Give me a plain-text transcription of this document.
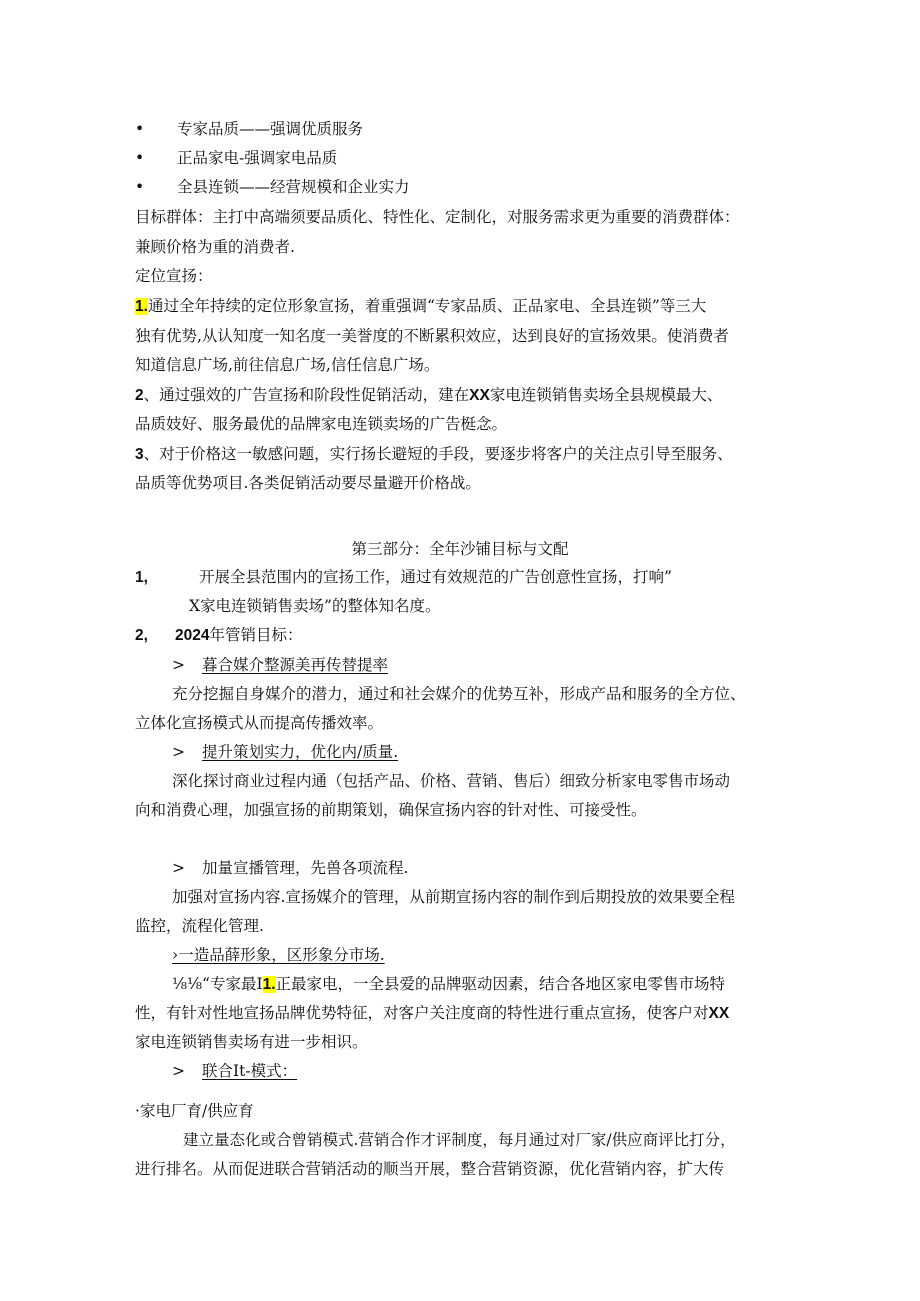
• 专家品质——强调优质服务
• 正品家电-强调家电品质
• 全县连锁——经营规模和企业实力
目标群体：主打中高端须要品质化、特性化、定制化，对服务需求更为重要的消费群体：
兼顾价格为重的消费者.
定位宣扬：
1.通过全年持续的定位形象宣扬，着重强调“专家品质、正品家电、全县连锁”等三大
独有优势,从认知度一知名度一美誉度的不断累积效应，达到良好的宣扬效果。使消费者
知道信息广场,前往信息广场,信任信息广场。
2、通过强效的广告宣扬和阶段性促销活动，建在XX家电连锁销售卖场全县规模最大、
品质妓好、服务最优的品牌家电连锁卖场的广告梃念。
3、对于价格这一敏感问题，实行扬长避短的手段，要逐步将客户的关注点引导至服务、
品质等优势项目.各类促销活动要尽量避开价格战。
第三部分：全年沙铺目标与文配
1,	开展全县范围内的宣扬工作，通过有效规范的广告创意性宣扬，打响”
X家电连锁销售卖场”的整体知名度。
2, 2024年管销目标：
> 暮合媒介整源美再传替提率
充分挖掘自身媒介的潜力，通过和社会媒介的优势互补，形成产品和服务的全方位、
立体化宣扬模式从而提高传播效率。
> 提升策划实力，优化内/质量.
深化探讨商业过程内通（包括产品、价格、营销、售后）细致分析家电零售市场动
向和消费心理，加强宣扬的前期策划，确保宣扬内容的针对性、可接受性。
> 加量宣播管理，先兽各项流程.
加强对宣扬内容.宣扬媒介的管理，从前期宣扬内容的制作到后期投放的效果要全程
监控，流程化管理.
›一造品薛形象，区形象分市场.
⅛⅛“专家最I1.正最家电，一全县爱的品牌驱动因素，结合各地区家电零售市场特
性，有针对性地宣扬品牌优势特征，对客户关注度商的特性进行重点宣扬，使客户对XX
家电连锁销售卖场有进一步相识。
> 联合It-模式：
·家电厂育/供应育
建立量态化或合曾销模式.营销合作才评制度，每月通过对厂家/供应商评比打分，
进行排名。从而促进联合营销活动的顺当开展，整合营销资源，优化营销内容，扩大传
